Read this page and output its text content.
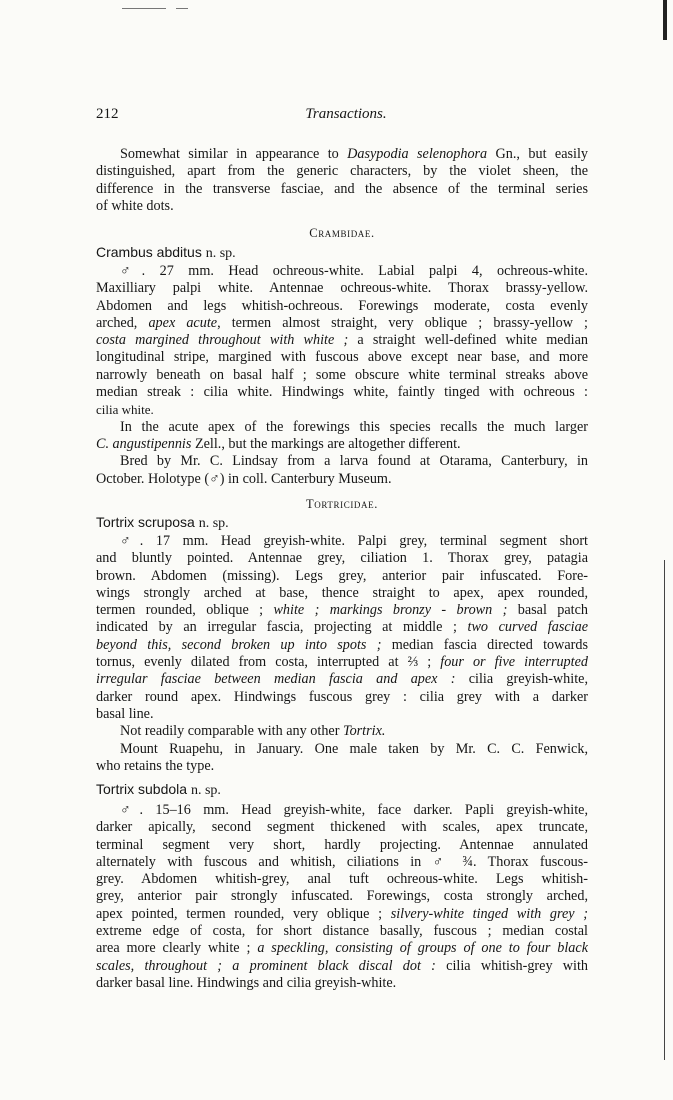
212	Transactions.
Somewhat similar in appearance to Dasypodia selenophora Gn., but easily
distinguished, apart from the generic characters, by the violet sheen, the
difference in the transverse fasciae, and the absence of the terminal series
of white dots.
Crambidae.
Crambus abditus n. sp.
♂. 27 mm. Head ochreous-white. Labial palpi 4, ochreous-white.
Maxilliary palpi white. Antennae ochreous-white. Thorax brassy-yellow.
Abdomen and legs whitish-ochreous. Forewings moderate, costa evenly
arched, apex acute, termen almost straight, very oblique ; brassy-yellow ;
costa margined throughout with white ; a straight well-defined white median
longitudinal stripe, margined with fuscous above except near base, and more
narrowly beneath on basal half ; some obscure white terminal streaks above
median streak : cilia white. Hindwings white, faintly tinged with ochreous :
cilia white.
In the acute apex of the forewings this species recalls the much larger
C. angustipennis Zell., but the markings are altogether different.
Bred by Mr. C. Lindsay from a larva found at Otarama, Canterbury, in
October. Holotype (♂) in coll. Canterbury Museum.
Tortricidae.
Tortrix scruposa n. sp.
♂. 17 mm. Head greyish-white. Palpi grey, terminal segment short
and bluntly pointed. Antennae grey, ciliation 1. Thorax grey, patagia
brown. Abdomen (missing). Legs grey, anterior pair infuscated. Fore-
wings strongly arched at base, thence straight to apex, apex rounded,
termen rounded, oblique ; white ; markings bronzy - brown ; basal patch
indicated by an irregular fascia, projecting at middle ; two curved fasciae
beyond this, second broken up into spots ; median fascia directed towards
tornus, evenly dilated from costa, interrupted at ⅔ ; four or five interrupted
irregular fasciae between median fascia and apex : cilia greyish-white,
darker round apex. Hindwings fuscous grey : cilia grey with a darker
basal line.
Not readily comparable with any other Tortrix.
Mount Ruapehu, in January. One male taken by Mr. C. C. Fenwick,
who retains the type.
Tortrix subdola n. sp.
♂. 15–16 mm. Head greyish-white, face darker. Papli greyish-white,
darker apically, second segment thickened with scales, apex truncate,
terminal segment very short, hardly projecting. Antennae annulated
alternately with fuscous and whitish, ciliations in ♂ ¾. Thorax fuscous-
grey. Abdomen whitish-grey, anal tuft ochreous-white. Legs whitish-
grey, anterior pair strongly infuscated. Forewings, costa strongly arched,
apex pointed, termen rounded, very oblique ; silvery-white tinged with grey ;
extreme edge of costa, for short distance basally, fuscous ; median costal
area more clearly white ; a speckling, consisting of groups of one to four black
scales, throughout ; a prominent black discal dot : cilia whitish-grey with
darker basal line. Hindwings and cilia greyish-white.
